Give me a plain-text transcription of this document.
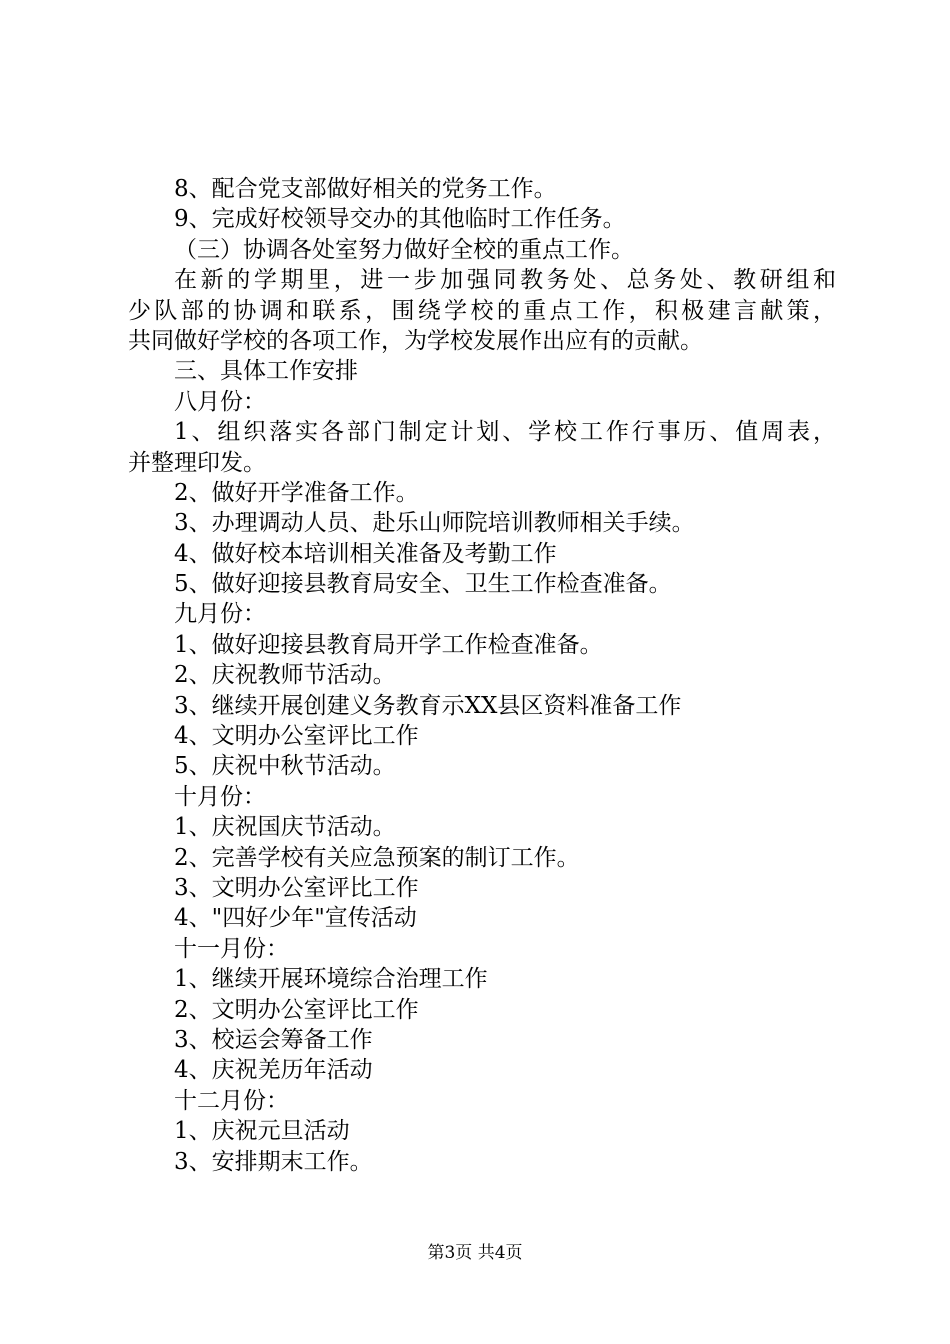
8、配合党支部做好相关的党务工作。
9、完成好校领导交办的其他临时工作任务。
（三）协调各处室努力做好全校的重点工作。
在新的学期里，进一步加强同教务处、总务处、教研组和
少队部的协调和联系，围绕学校的重点工作，积极建言献策，
共同做好学校的各项工作，为学校发展作出应有的贡献。
三、具体工作安排
八月份：
1、组织落实各部门制定计划、学校工作行事历、值周表，
并整理印发。
2、做好开学准备工作。
3、办理调动人员、赴乐山师院培训教师相关手续。
4、做好校本培训相关准备及考勤工作
5、做好迎接县教育局安全、卫生工作检查准备。
九月份：
1、做好迎接县教育局开学工作检查准备。
2、庆祝教师节活动。
3、继续开展创建义务教育示XX县区资料准备工作
4、文明办公室评比工作
5、庆祝中秋节活动。
十月份：
1、庆祝国庆节活动。
2、完善学校有关应急预案的制订工作。
3、文明办公室评比工作
4、"四好少年"宣传活动
十一月份：
1、继续开展环境综合治理工作
2、文明办公室评比工作
3、校运会筹备工作
4、庆祝羌历年活动
十二月份：
1、庆祝元旦活动
3、安排期末工作。
第3页 共4页
